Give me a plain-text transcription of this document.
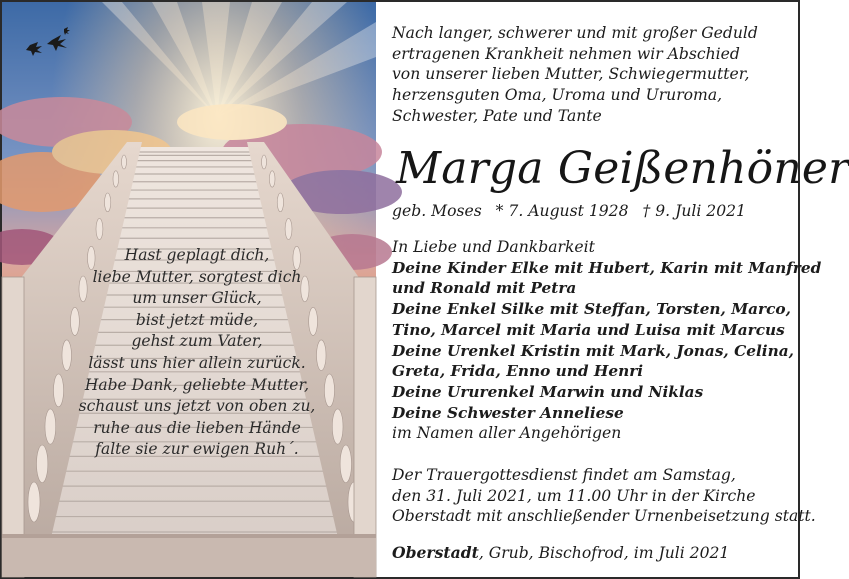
Hast geplagt dich,
liebe Mutter, sorgtest dich
um unser Glück,
bist jetzt müde,
gehst zum Vater,
lässt uns hier allein zurück.
Habe Dank, geliebte Mutter,
schaust uns jetzt von oben zu,
ruhe aus die lieben Hände
falte sie zur ewigen Ruh´.
Nach langer, schwerer und mit großer Geduld
ertragenen Krankheit nehmen wir Abschied
von unserer lieben Mutter, Schwiegermutter,
herzensguten Oma, Uroma und Ururoma,
Schwester, Pate und Tante
Marga Geißenhöner
geb. Moses * 7. August 1928 † 9. Juli 2021
In Liebe und Dankbarkeit
Deine Kinder Elke mit Hubert, Karin mit Manfred
und Ronald mit Petra
Deine Enkel Silke mit Steffan, Torsten, Marco,
Tino, Marcel mit Maria und Luisa mit Marcus
Deine Urenkel Kristin mit Mark, Jonas, Celina,
Greta, Frida, Enno und Henri
Deine Ururenkel Marwin und Niklas
Deine Schwester Anneliese
im Namen aller Angehörigen
Der Trauergottesdienst findet am Samstag,
den 31. Juli 2021, um 11.00 Uhr in der Kirche
Oberstadt mit anschließender Urnenbeisetzung statt.
Oberstadt, Grub, Bischofrod, im Juli 2021
